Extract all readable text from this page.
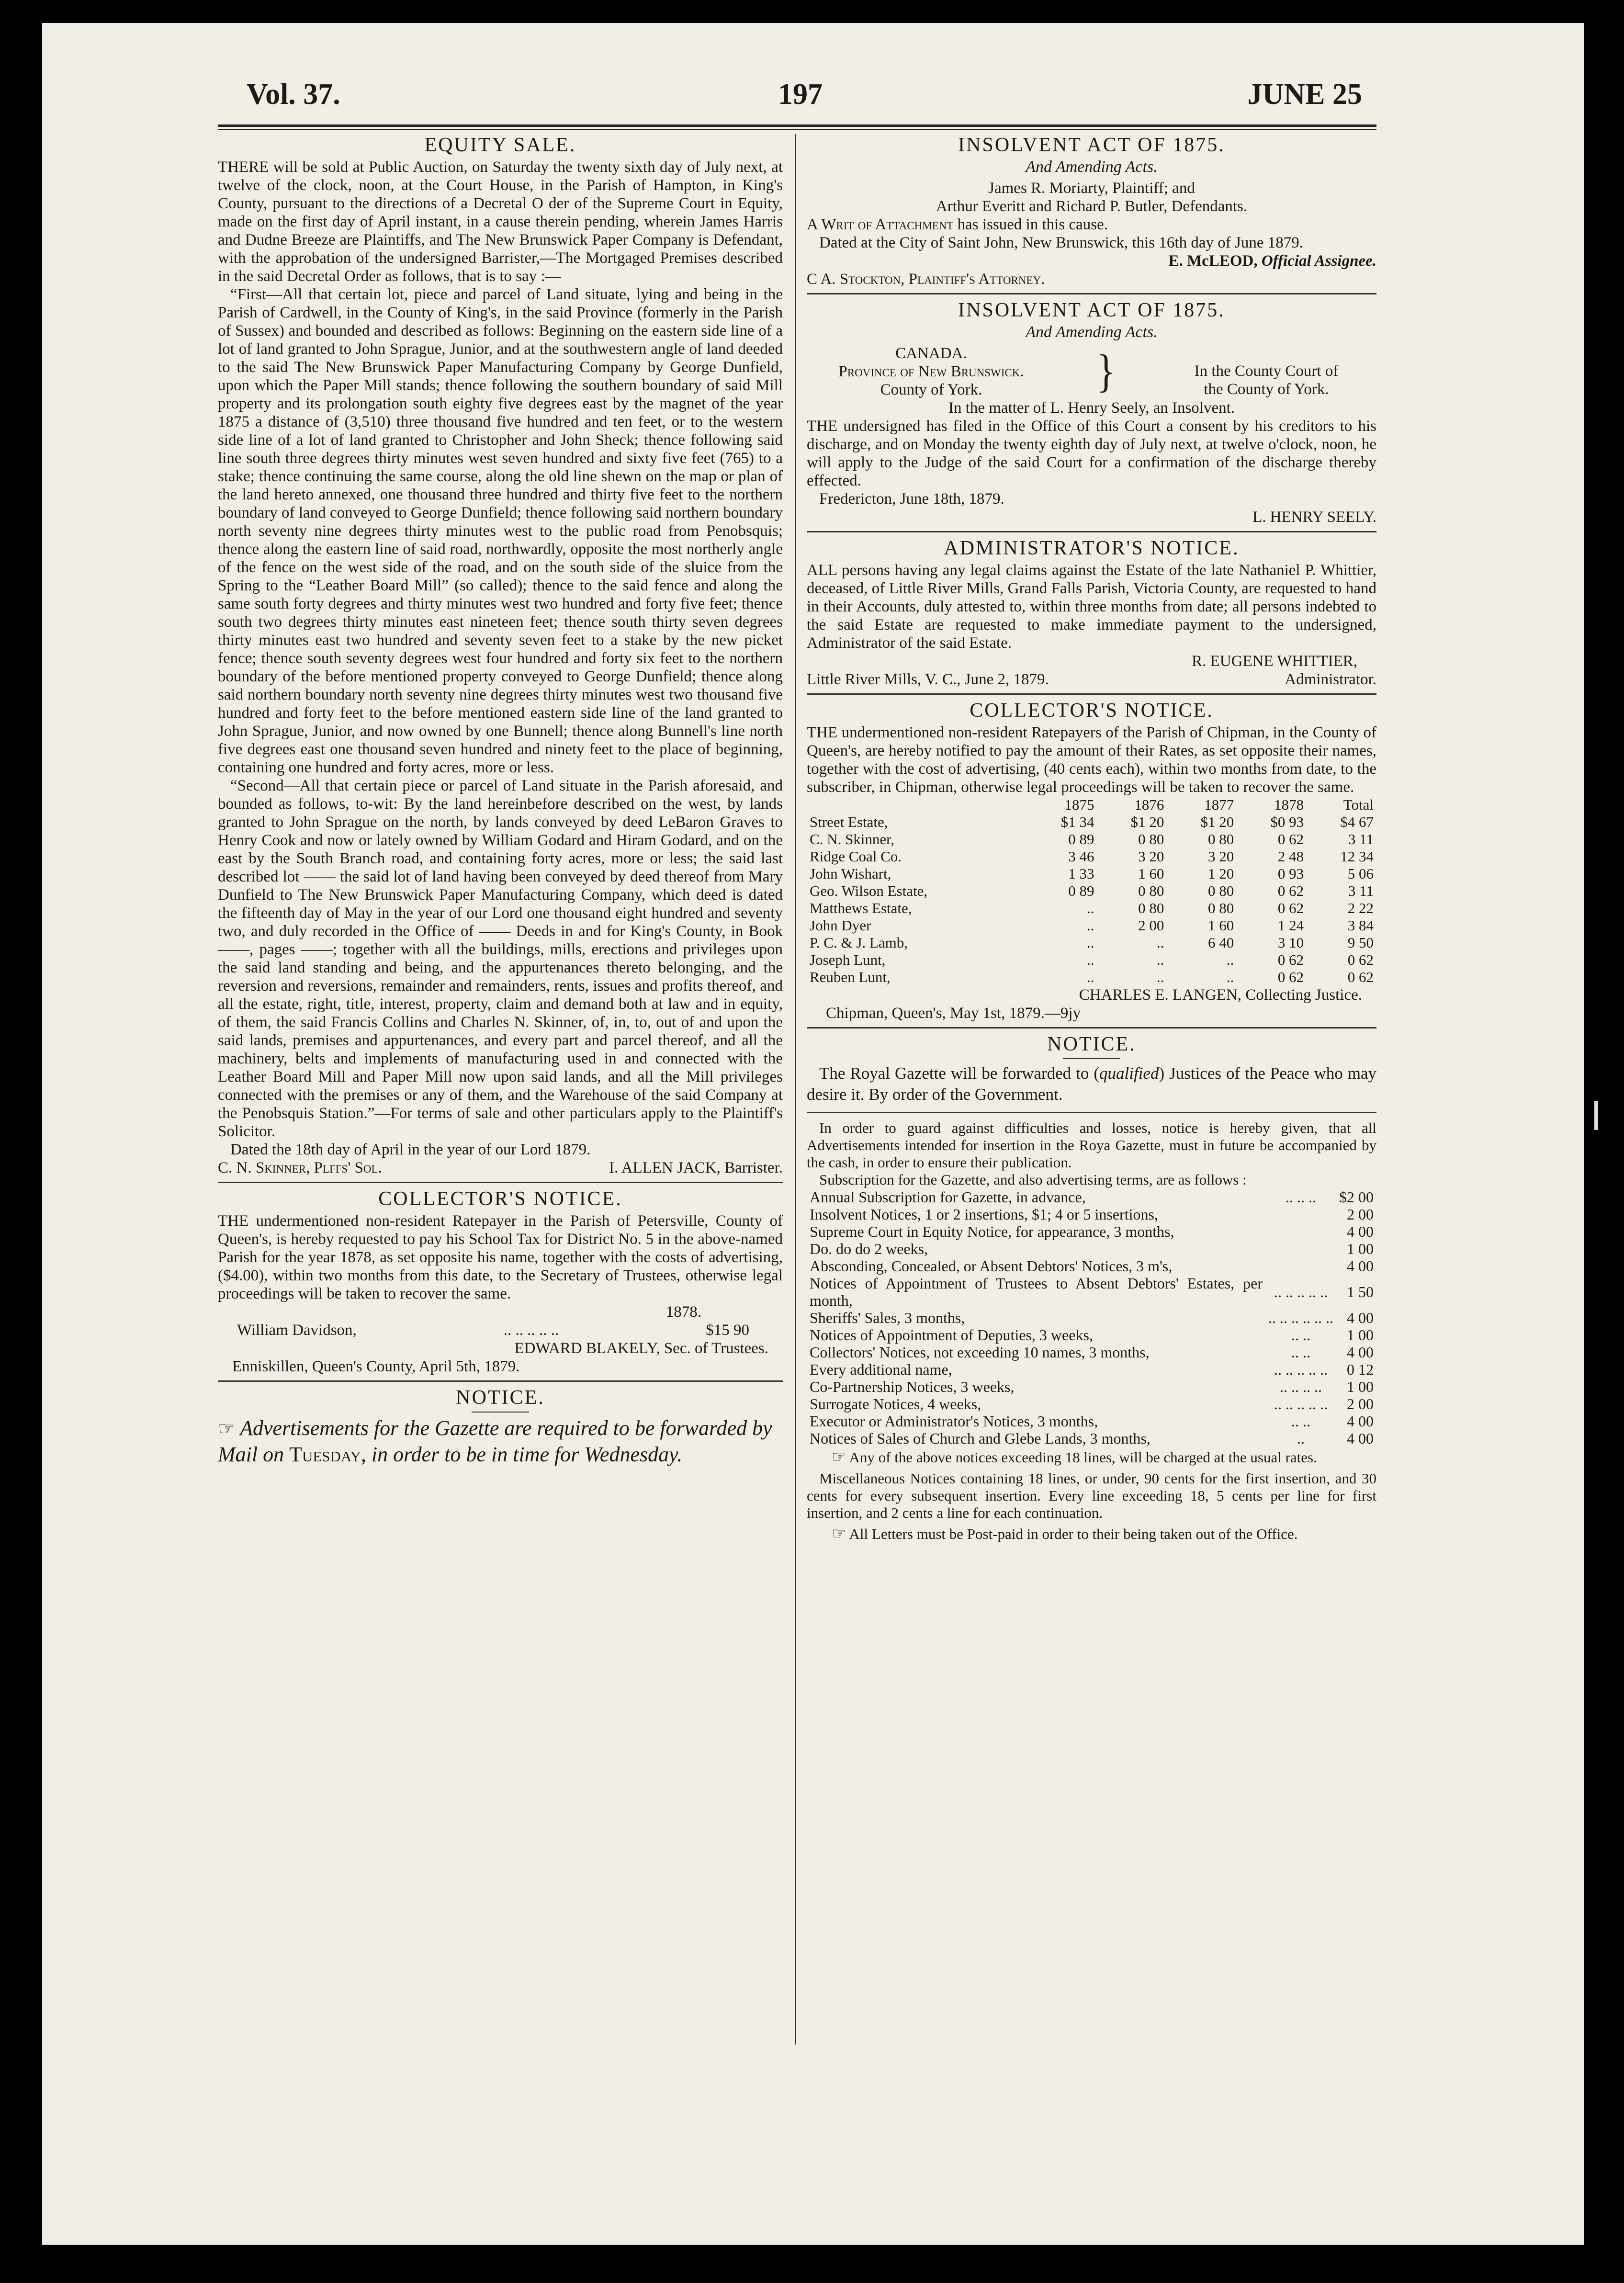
Vol. 37.	197	JUNE 25
EQUITY SALE.

THERE will be sold at Public Auction, on Saturday the twenty sixth day of July next, at twelve of the clock, noon, at the Court House, in the Parish of Hampton, in King's County, pursuant to the directions of a Decretal O der of the Supreme Court in Equity, made on the first day of April instant, in a cause therein pending, wherein James Harris and Dudne Breeze are Plaintiffs, and The New Brunswick Paper Company is Defendant, with the approbation of the undersigned Barrister,—The Mortgaged Premises described in the said Decretal Order as follows, that is to say :—

“First—All that certain lot, piece and parcel of Land situate, lying and being in the Parish of Cardwell, in the County of King's, in the said Province (formerly in the Parish of Sussex) and bounded and described as follows: Beginning on the eastern side line of a lot of land granted to John Sprague, Junior, and at the southwestern angle of land deeded to the said The New Brunswick Paper Manufacturing Company by George Dunfield, upon which the Paper Mill stands; thence following the southern boundary of said Mill property and its prolongation south eighty five degrees east by the magnet of the year 1875 a distance of (3,510) three thousand five hundred and ten feet, or to the western side line of a lot of land granted to Christopher and John Sheck; thence following said line south three degrees thirty minutes west seven hundred and sixty five feet (765) to a stake; thence continuing the same course, along the old line shewn on the map or plan of the land hereto annexed, one thousand three hundred and thirty five feet to the northern boundary of land conveyed to George Dunfield; thence following said northern boundary north seventy nine degrees thirty minutes west to the public road from Penobsquis; thence along the eastern line of said road, northwardly, opposite the most northerly angle of the fence on the west side of the road, and on the south side of the sluice from the Spring to the “Leather Board Mill” (so called); thence to the said fence and along the same south forty degrees and thirty minutes west two hundred and forty five feet; thence south two degrees thirty minutes east nineteen feet; thence south thirty seven degrees thirty minutes east two hundred and seventy seven feet to a stake by the new picket fence; thence south seventy degrees west four hundred and forty six feet to the northern boundary of the before mentioned property conveyed to George Dunfield; thence along said northern boundary north seventy nine degrees thirty minutes west two thousand five hundred and forty feet to the before mentioned eastern side line of the land granted to John Sprague, Junior, and now owned by one Bunnell; thence along Bunnell's line north five degrees east one thousand seven hundred and ninety feet to the place of beginning, containing one hundred and forty acres, more or less.

“Second—All that certain piece or parcel of Land situate in the Parish aforesaid, and bounded as follows, to-wit: By the land hereinbefore described on the west, by lands granted to John Sprague on the north, by lands conveyed by deed LeBaron Graves to Henry Cook and now or lately owned by William Godard and Hiram Godard, and on the east by the South Branch road, and containing forty acres, more or less; the said last described lot —— the said lot of land having been conveyed by deed thereof from Mary Dunfield to The New Brunswick Paper Manufacturing Company, which deed is dated the fifteenth day of May in the year of our Lord one thousand eight hundred and seventy two, and duly recorded in the Office of —— Deeds in and for King's County, in Book ——, pages ——; together with all the buildings, mills, erections and privileges upon the said land standing and being, and the appurtenances thereto belonging, and the reversion and reversions, remainder and remainders, rents, issues and profits thereof, and all the estate, right, title, interest, property, claim and demand both at law and in equity, of them, the said Francis Collins and Charles N. Skinner, of, in, to, out of and upon the said lands, premises and appurtenances, and every part and parcel thereof, and all the machinery, belts and implements of manufacturing used in and connected with the Leather Board Mill and Paper Mill now upon said lands, and all the Mill privileges connected with the premises or any of them, and the Warehouse of the said Company at the Penobsquis Station.”—For terms of sale and other particulars apply to the Plaintiff's Solicitor.

Dated the 18th day of April in the year of our Lord 1879.

C. N. Skinner, Plffs' Sol.	I. ALLEN JACK, Barrister.
COLLECTOR'S NOTICE.

THE undermentioned non-resident Ratepayer in the Parish of Petersville, County of Queen's, is hereby requested to pay his School Tax for District No. 5 in the above-named Parish for the year 1878, as set opposite his name, together with the costs of advertising, ($4.00), within two months from this date, to the Secretary of Trustees, otherwise legal proceedings will be taken to recover the same.

1878.

William Davidson,	.. .. .. .. ..	$15 90

EDWARD BLAKELY, Sec. of Trustees.

Enniskillen, Queen's County, April 5th, 1879.

NOTICE.

☞ Advertisements for the Gazette are required to be forwarded by Mail on Tuesday, in order to be in time for Wednesday.

INSOLVENT ACT OF 1875.
And Amending Acts.

James R. Moriarty, Plaintiff; and

Arthur Everitt and Richard P. Butler, Defendants.

A Writ of Attachment has issued in this cause.

Dated at the City of Saint John, New Brunswick, this 16th day of June 1879.

E. McLEOD, Official Assignee.

C A. Stockton, Plaintiff's Attorney.

INSOLVENT ACT OF 1875.
And Amending Acts.
CANADA.
Province of New Brunswick.
County of York.	}	In the County Court of
the County of York.

In the matter of L. Henry Seely, an Insolvent.

THE undersigned has filed in the Office of this Court a consent by his creditors to his discharge, and on Monday the twenty eighth day of July next, at twelve o'clock, noon, he will apply to the Judge of the said Court for a confirmation of the discharge thereby effected.

Fredericton, June 18th, 1879.

L. HENRY SEELY.

ADMINISTRATOR'S NOTICE.

ALL persons having any legal claims against the Estate of the late Nathaniel P. Whittier, deceased, of Little River Mills, Grand Falls Parish, Victoria County, are requested to hand in their Accounts, duly attested to, within three months from date; all persons indebted to the said Estate are requested to make immediate payment to the undersigned, Administrator of the said Estate.

R. EUGENE WHITTIER,

Little River Mills, V. C., June 2, 1879.	Administrator.
COLLECTOR'S NOTICE.

THE undermentioned non-resident Ratepayers of the Parish of Chipman, in the County of Queen's, are hereby notified to pay the amount of their Rates, as set opposite their names, together with the cost of advertising, (40 cents each), within two months from date, to the subscriber, in Chipman, otherwise legal proceedings will be taken to recover the same.

	1875	1876	1877	1878	Total
Street Estate,	$1 34	$1 20	$1 20	$0 93	$4 67
C. N. Skinner,	0 89	0 80	0 80	0 62	3 11
Ridge Coal Co.	3 46	3 20	3 20	2 48	12 34
John Wishart,	1 33	1 60	1 20	0 93	5 06
Geo. Wilson Estate,	0 89	0 80	0 80	0 62	3 11
Matthews Estate,	..	0 80	0 80	0 62	2 22
John Dyer	..	2 00	1 60	1 24	3 84
P. C. & J. Lamb,	..	..	6 40	3 10	9 50
Joseph Lunt,	..	..	..	0 62	0 62
Reuben Lunt,	..	..	..	0 62	0 62

CHARLES E. LANGEN, Collecting Justice.

Chipman, Queen's, May 1st, 1879.—9jy

NOTICE.

The Royal Gazette will be forwarded to (qualified) Justices of the Peace who may desire it. By order of the Government.

In order to guard against difficulties and losses, notice is hereby given, that all Advertisements intended for insertion in the Roya Gazette, must in future be accompanied by the cash, in order to ensure their publication.

Subscription for the Gazette, and also advertising terms, are as follows :

Annual Subscription for Gazette, in advance,	.. .. ..	$2 00
Insolvent Notices, 1 or 2 insertions, $1; 4 or 5 insertions,		2 00
Supreme Court in Equity Notice, for appearance, 3 months,		4 00
Do. do do 2 weeks,		1 00
Absconding, Concealed, or Absent Debtors' Notices, 3 m's,		4 00
Notices of Appointment of Trustees to Absent Debtors' Estates, per month,	.. .. .. .. ..	1 50
Sheriffs' Sales, 3 months,	.. .. .. .. .. ..	4 00
Notices of Appointment of Deputies, 3 weeks,	.. ..	1 00
Collectors' Notices, not exceeding 10 names, 3 months,	.. ..	4 00
Every additional name,	.. .. .. .. ..	0 12
Co-Partnership Notices, 3 weeks,	.. .. .. ..	1 00
Surrogate Notices, 4 weeks,	.. .. .. .. ..	2 00
Executor or Administrator's Notices, 3 months,	.. ..	4 00
Notices of Sales of Church and Glebe Lands, 3 months,	..	4 00

☞ Any of the above notices exceeding 18 lines, will be charged at the usual rates.

Miscellaneous Notices containing 18 lines, or under, 90 cents for the first insertion, and 30 cents for every subsequent insertion. Every line exceeding 18, 5 cents per line for first insertion, and 2 cents a line for each continuation.

☞ All Letters must be Post-paid in order to their being taken out of the Office.
